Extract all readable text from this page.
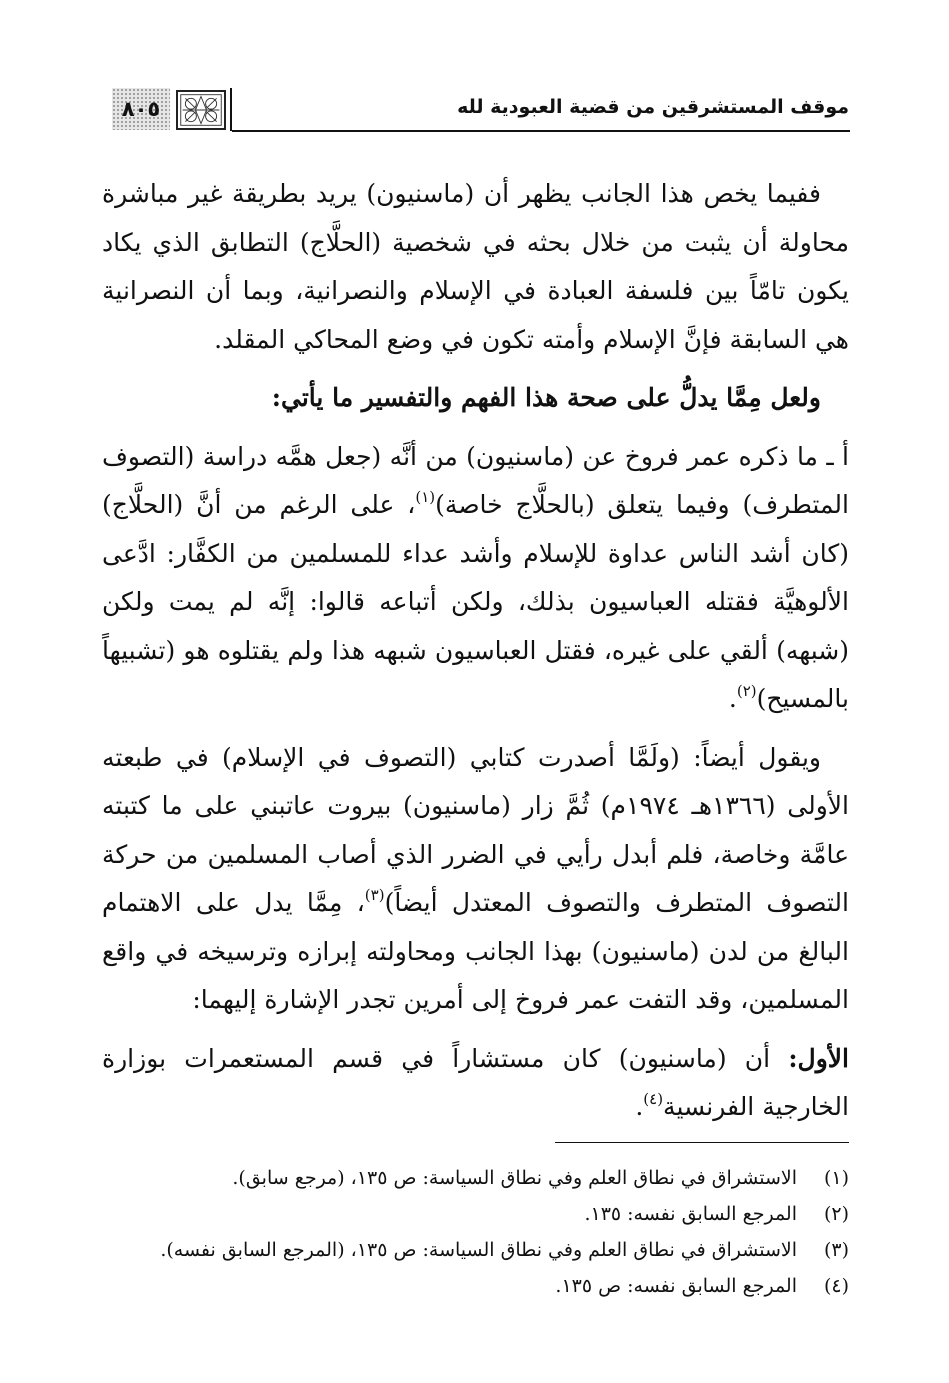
موقف المستشرقين من قضية العبودية لله
٨٠٥

ففيما يخص هذا الجانب يظهر أن (ماسنيون) يريد بطريقة غير مباشرة محاولة أن يثبت من خلال بحثه في شخصية (الحلَّاج) التطابق الذي يكاد يكون تامّاً بين فلسفة العبادة في الإسلام والنصرانية، وبما أن النصرانية هي السابقة فإنَّ الإسلام وأمته تكون في وضع المحاكي المقلد.

ولعل مِمَّا يدلُّ على صحة هذا الفهم والتفسير ما يأتي:

أ ـ ما ذكره عمر فروخ عن (ماسنيون) من أنَّه (جعل همَّه دراسة (التصوف المتطرف) وفيما يتعلق (بالحلَّاج خاصة)$^{(١)}$، على الرغم من أنَّ (الحلَّاج) (كان أشد الناس عداوة للإسلام وأشد عداء للمسلمين من الكفَّار: ادَّعى الألوهيَّة فقتله العباسيون بذلك، ولكن أتباعه قالوا: إنَّه لم يمت ولكن (شبهه) ألقي على غيره، فقتل العباسيون شبهه هذا ولم يقتلوه هو (تشبيهاً بالمسيح)$^{(٢)}$.

ويقول أيضاً: (ولَمَّا أصدرت كتابي (التصوف في الإسلام) في طبعته الأولى (١٣٦٦هـ ١٩٧٤م) ثُمَّ زار (ماسنيون) بيروت عاتبني على ما كتبته عامَّة وخاصة، فلم أبدل رأيي في الضرر الذي أصاب المسلمين من حركة التصوف المتطرف والتصوف المعتدل أيضاً)$^{(٣)}$، مِمَّا يدل على الاهتمام البالغ من لدن (ماسنيون) بهذا الجانب ومحاولته إبرازه وترسيخه في واقع المسلمين، وقد التفت عمر فروخ إلى أمرين تجدر الإشارة إليهما:

الأول: أن (ماسنيون) كان مستشاراً في قسم المستعمرات بوزارة الخارجية الفرنسية$^{(٤)}$.

(١)
الاستشراق في نطاق العلم وفي نطاق السياسة: ص ١٣٥، (مرجع سابق).
(٢)
المرجع السابق نفسه: ١٣٥.
(٣)
الاستشراق في نطاق العلم وفي نطاق السياسة: ص ١٣٥، (المرجع السابق نفسه).
(٤)
المرجع السابق نفسه: ص ١٣٥.
